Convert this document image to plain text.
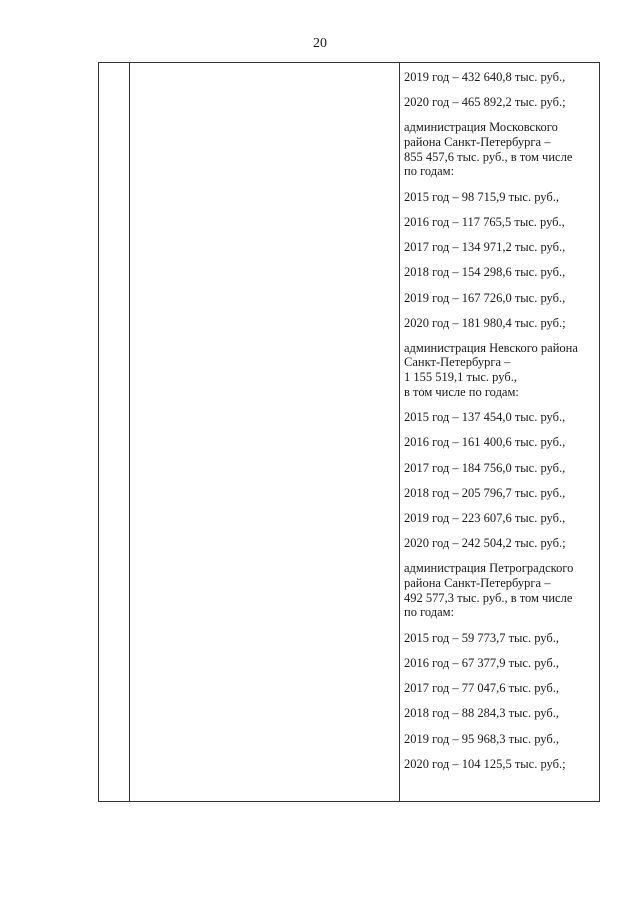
20
2019 год – 432 640,8 тыс. руб.,
2020 год – 465 892,2 тыс. руб.;
администрация Московского
района Санкт-Петербурга –
855 457,6 тыс. руб., в том числе
по годам:
2015 год – 98 715,9 тыс. руб.,
2016 год – 117 765,5 тыс. руб.,
2017 год – 134 971,2 тыс. руб.,
2018 год – 154 298,6 тыс. руб.,
2019 год – 167 726,0 тыс. руб.,
2020 год – 181 980,4 тыс. руб.;
администрация Невского района
Санкт-Петербурга –
1 155 519,1 тыс. руб.,
в том числе по годам:
2015 год – 137 454,0 тыс. руб.,
2016 год – 161 400,6 тыс. руб.,
2017 год – 184 756,0 тыс. руб.,
2018 год – 205 796,7 тыс. руб.,
2019 год – 223 607,6 тыс. руб.,
2020 год – 242 504,2 тыс. руб.;
администрация Петроградского
района Санкт-Петербурга –
492 577,3 тыс. руб., в том числе
по годам:
2015 год – 59 773,7 тыс. руб.,
2016 год – 67 377,9 тыс. руб.,
2017 год – 77 047,6 тыс. руб.,
2018 год – 88 284,3 тыс. руб.,
2019 год – 95 968,3 тыс. руб.,
2020 год – 104 125,5 тыс. руб.;
